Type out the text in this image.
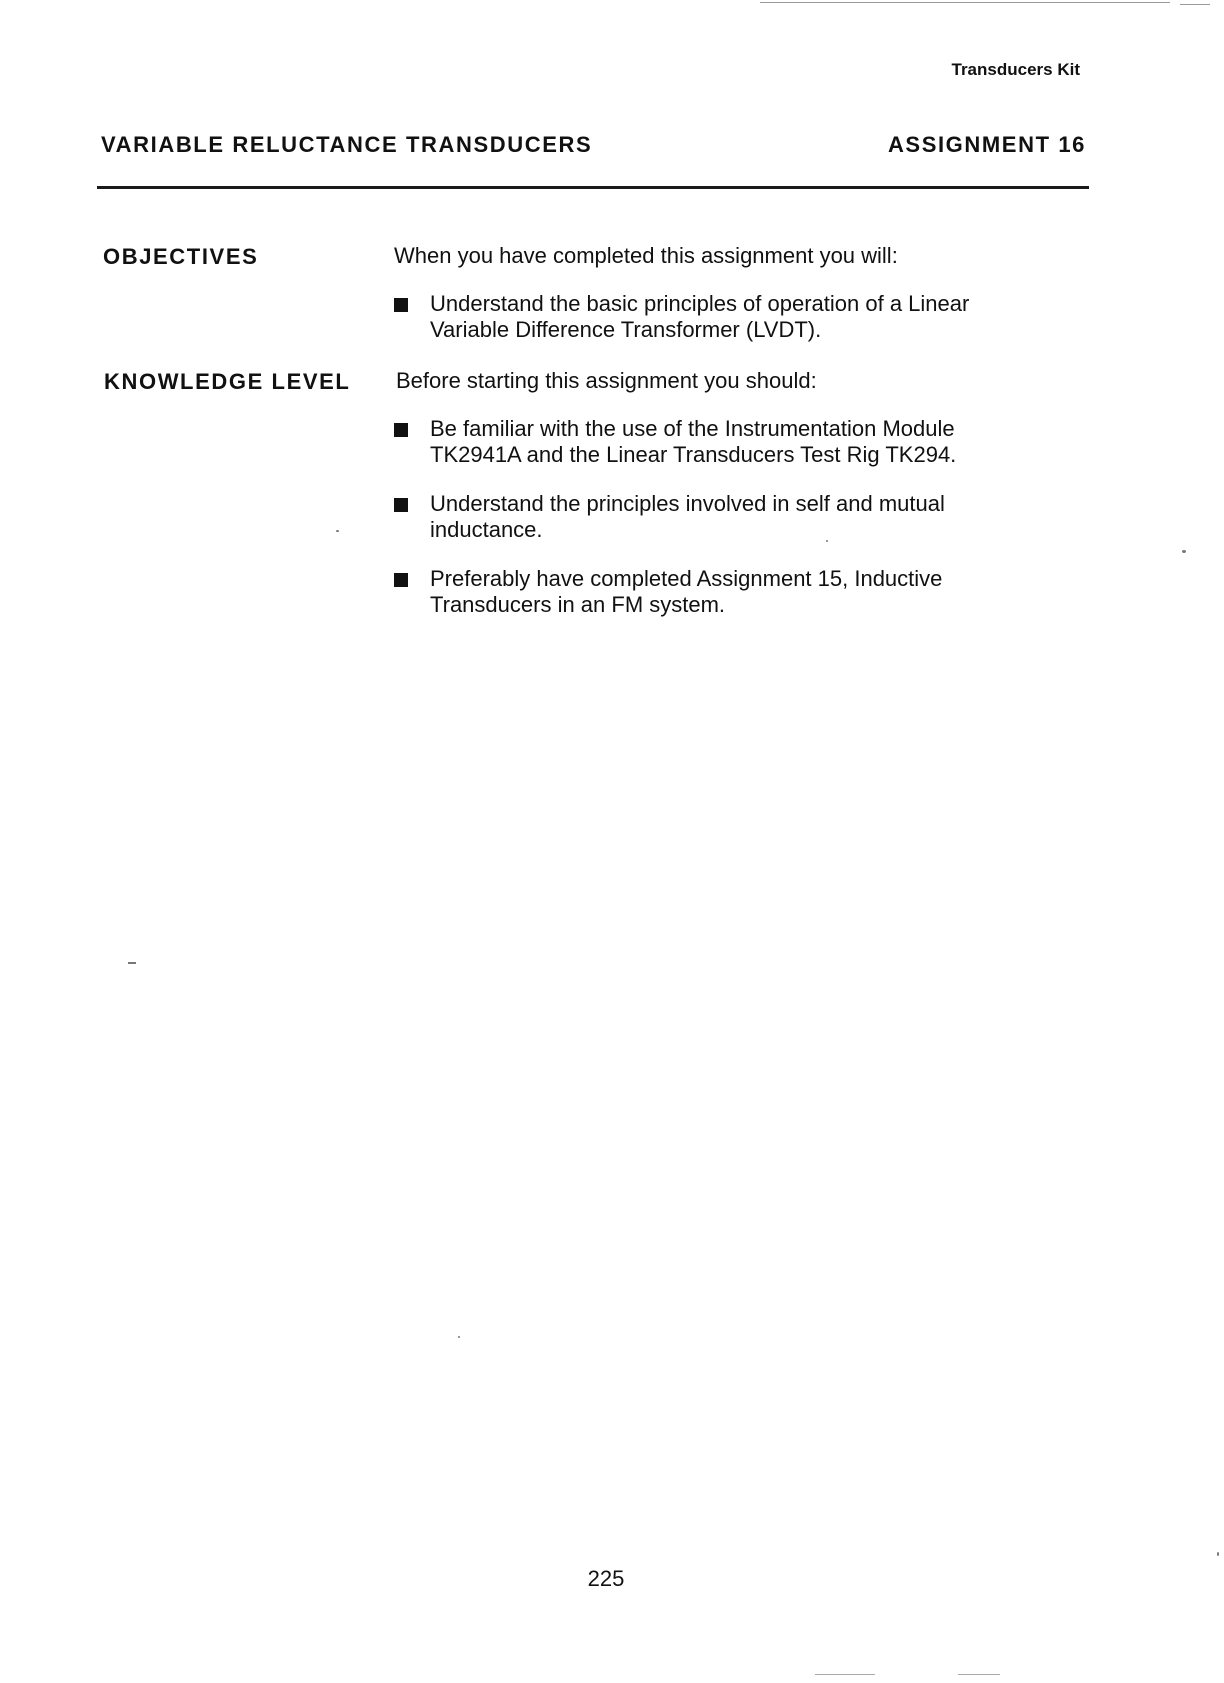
Transducers Kit
VARIABLE RELUCTANCE TRANSDUCERS	ASSIGNMENT 16
OBJECTIVES	When you have completed this assignment you will:
Understand the basic principles of operation of a Linear
Variable Difference Transformer (LVDT).
KNOWLEDGE LEVEL Before starting this assignment you should:
Be familiar with the use of the Instrumentation Module
TK2941A and the Linear Transducers Test Rig TK294.
Understand the principles involved in self and mutual
inductance.
Preferably have completed Assignment 15, Inductive
Transducers in an FM system.
225
